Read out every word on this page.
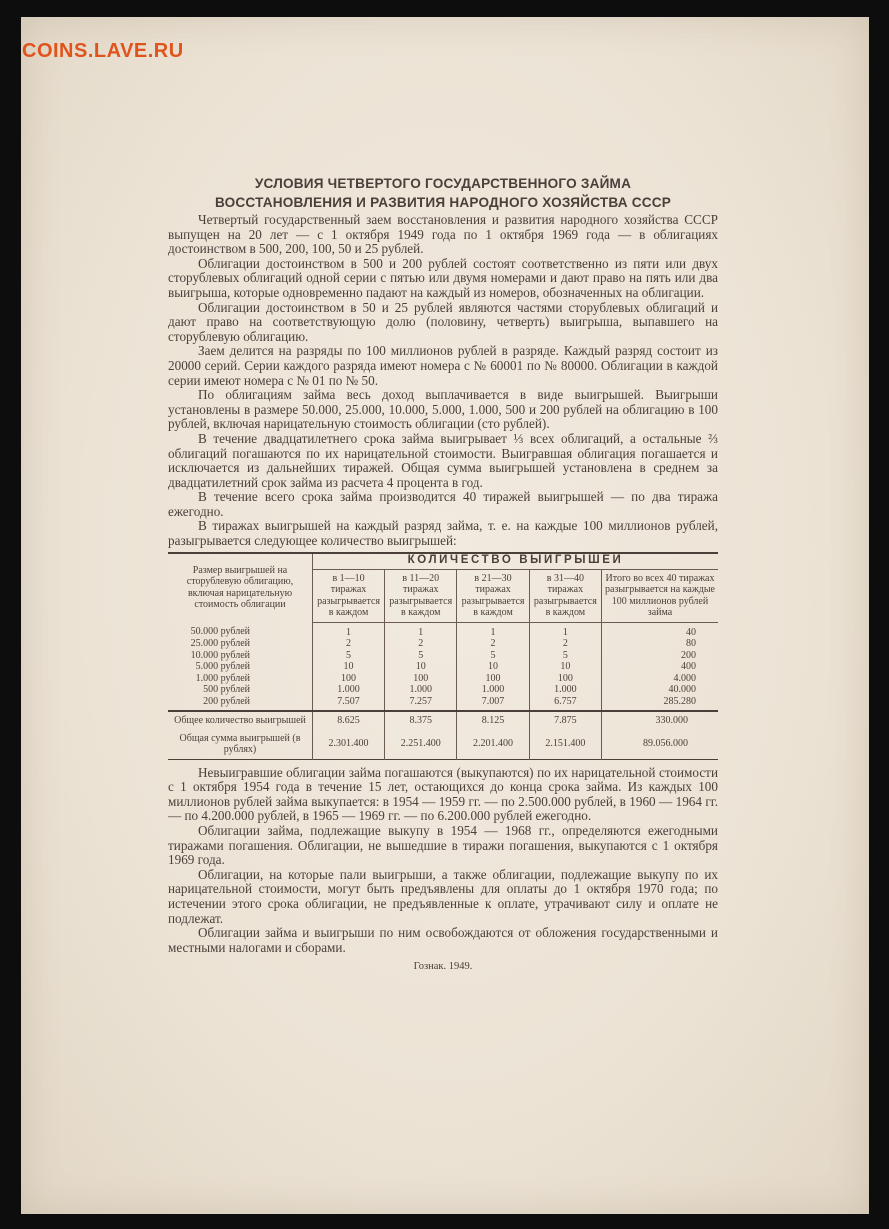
COINS.LAVE.RU
УСЛОВИЯ ЧЕТВЕРТОГО ГОСУДАРСТВЕННОГО ЗАЙМА
ВОССТАНОВЛЕНИЯ И РАЗВИТИЯ НАРОДНОГО ХОЗЯЙСТВА СССР

Четвертый государственный заем восстановления и развития народного хозяйства СССР выпущен на 20 лет — с 1 октября 1949 года по 1 октября 1969 года — в облигациях достоинством в 500, 200, 100, 50 и 25 рублей.

Облигации достоинством в 500 и 200 рублей состоят соответственно из пяти или двух сторублевых облигаций одной серии с пятью или двумя номерами и дают право на пять или два выигрыша, которые одновременно падают на каждый из номеров, обозначенных на облигации.

Облигации достоинством в 50 и 25 рублей являются частями сторублевых облигаций и дают право на соответствующую долю (половину, четверть) выигрыша, выпавшего на сторублевую облигацию.

Заем делится на разряды по 100 миллионов рублей в разряде. Каждый разряд состоит из 20000 серий. Серии каждого разряда имеют номера с № 60001 по № 80000. Облигации в каждой серии имеют номера с № 01 по № 50.

По облигациям займа весь доход выплачивается в виде выигрышей. Выигрыши установлены в размере 50.000, 25.000, 10.000, 5.000, 1.000, 500 и 200 рублей на облигацию в 100 рублей, включая нарицательную стоимость облигации (сто рублей).

В течение двадцатилетнего срока займа выигрывает ⅓ всех облигаций, а остальные ⅔ облигаций погашаются по их нарицательной стоимости. Выигравшая облигация погашается и исключается из дальнейших тиражей. Общая сумма выигрышей установлена в среднем за двадцатилетний срок займа из расчета 4 процента в год.

В течение всего срока займа производится 40 тиражей выигрышей — по два тиража ежегодно.

В тиражах выигрышей на каждый разряд займа, т. е. на каждые 100 миллионов рублей, разыгрывается следующее количество выигрышей:

Размер выигрышей на сторублевую облигацию, включая нарицательную стоимость облигации	КОЛИЧЕСТВО ВЫИГРЫШЕЙ				
	в 1—10 тиражах разыгрывается в каждом	в 11—20 тиражах разыгрывается в каждом	в 21—30 тиражах разыгрывается в каждом	в 31—40 тиражах разыгрывается в каждом	Итого во всех 40 тиражах разыгрывается на каждые 100 миллионов рублей займа
50.000 рублей	1	1	1	1	40
25.000 рублей	2	2	2	2	80
10.000 рублей	5	5	5	5	200
5.000 рублей	10	10	10	10	400
1.000 рублей	100	100	100	100	4.000
500 рублей	1.000	1.000	1.000	1.000	40.000
200 рублей	7.507	7.257	7.007	6.757	285.280
Общее количество выигрышей	8.625	8.375	8.125	7.875	330.000
Общая сумма выигрышей (в рублях)	2.301.400	2.251.400	2.201.400	2.151.400	89.056.000

Невыигравшие облигации займа погашаются (выкупаются) по их нарицательной стоимости с 1 октября 1954 года в течение 15 лет, остающихся до конца срока займа. Из каждых 100 миллионов рублей займа выкупается: в 1954 — 1959 гг. — по 2.500.000 рублей, в 1960 — 1964 гг. — по 4.200.000 рублей, в 1965 — 1969 гг. — по 6.200.000 рублей ежегодно.

Облигации займа, подлежащие выкупу в 1954 — 1968 гг., определяются ежегодными тиражами погашения. Облигации, не вышедшие в тиражи погашения, выкупаются с 1 октября 1969 года.

Облигации, на которые пали выигрыши, а также облигации, подлежащие выкупу по их нарицательной стоимости, могут быть предъявлены для оплаты до 1 октября 1970 года; по истечении этого срока облигации, не предъявленные к оплате, утрачивают силу и оплате не подлежат.

Облигации займа и выигрыши по ним освобождаются от обложения государственными и местными налогами и сборами.

Гознак. 1949.
